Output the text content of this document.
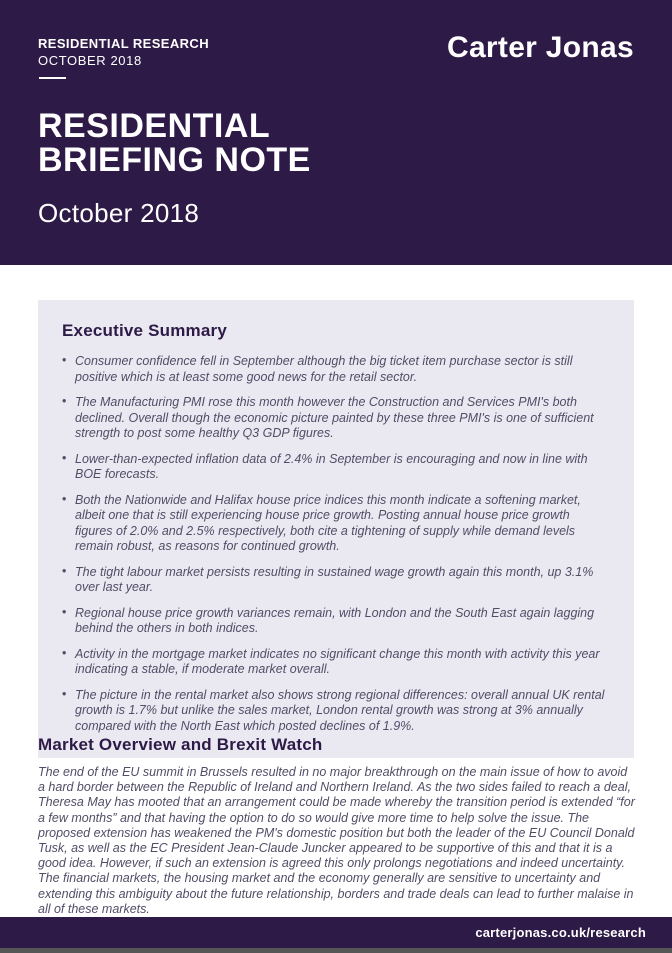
RESIDENTIAL RESEARCH
OCTOBER 2018	Carter Jonas
RESIDENTIAL
BRIEFING NOTE
October 2018
Executive Summary
• Consumer confidence fell in September although the big ticket item purchase sector is still positive which is at least some good news for the retail sector.
• The Manufacturing PMI rose this month however the Construction and Services PMI's both declined. Overall though the economic picture painted by these three PMI's is one of sufficient strength to post some healthy Q3 GDP figures.
• Lower-than-expected inflation data of 2.4% in September is encouraging and now in line with BOE forecasts.
• Both the Nationwide and Halifax house price indices this month indicate a softening market, albeit one that is still experiencing house price growth. Posting annual house price growth figures of 2.0% and 2.5% respectively, both cite a tightening of supply while demand levels remain robust, as reasons for continued growth.
• The tight labour market persists resulting in sustained wage growth again this month, up 3.1% over last year.
• Regional house price growth variances remain, with London and the South East again lagging behind the others in both indices.
• Activity in the mortgage market indicates no significant change this month with activity this year indicating a stable, if moderate market overall.
• The picture in the rental market also shows strong regional differences: overall annual UK rental growth is 1.7% but unlike the sales market, London rental growth was strong at 3% annually compared with the North East which posted declines of 1.9%.
Market Overview and Brexit Watch

The end of the EU summit in Brussels resulted in no major breakthrough on the main issue of how to avoid a hard border between the Republic of Ireland and Northern Ireland. As the two sides failed to reach a deal, Theresa May has mooted that an arrangement could be made whereby the transition period is extended “for a few months” and that having the option to do so would give more time to help solve the issue. The proposed extension has weakened the PM's domestic position but both the leader of the EU Council Donald Tusk, as well as the EC President Jean-Claude Juncker appeared to be supportive of this and that it is a good idea. However, if such an extension is agreed this only prolongs negotiations and indeed uncertainty. The financial markets, the housing market and the economy generally are sensitive to uncertainty and extending this ambiguity about the future relationship, borders and trade deals can lead to further malaise in all of these markets.

carterjonas.co.uk/research
